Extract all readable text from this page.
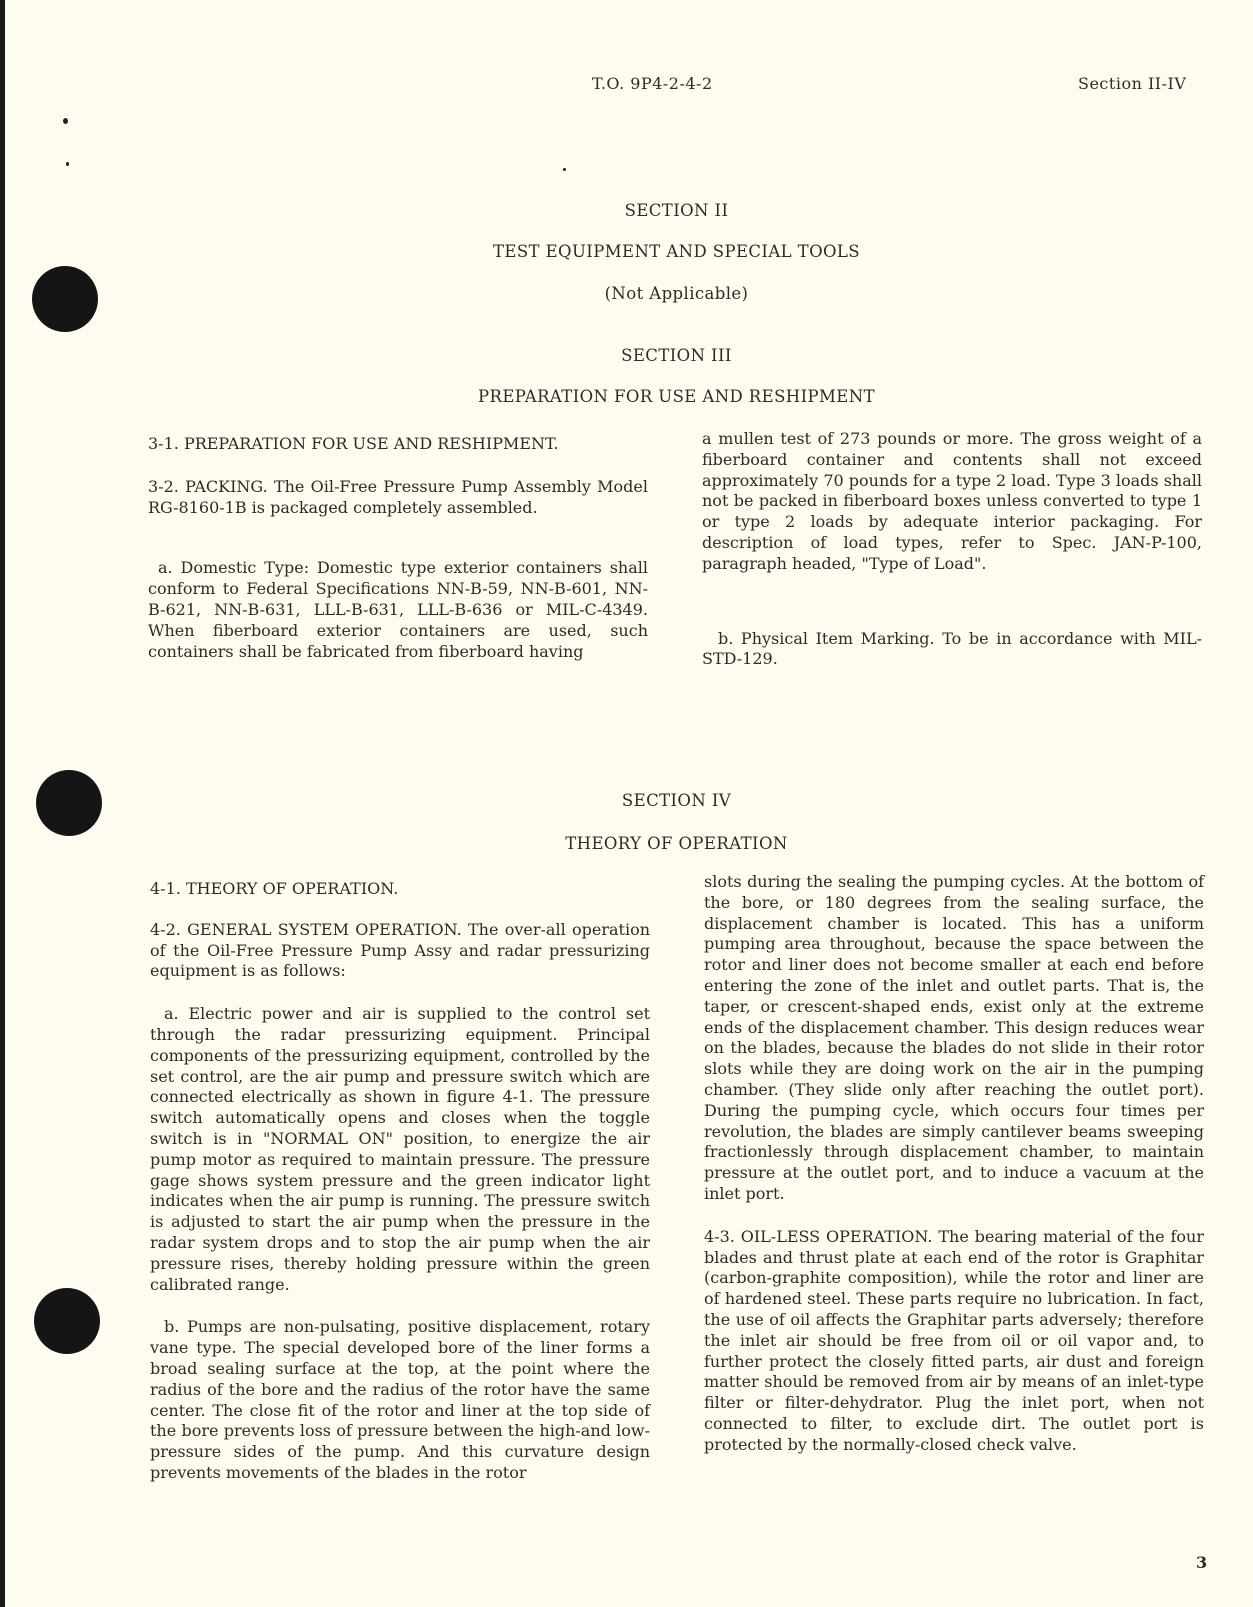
T.O. 9P4-2-4-2	Section II-IV
SECTION II
TEST EQUIPMENT AND SPECIAL TOOLS
(Not Applicable)
SECTION III
PREPARATION FOR USE AND RESHIPMENT

3-1. PREPARATION FOR USE AND RESHIPMENT.

3-2. PACKING. The Oil-Free Pressure Pump Assembly Model RG-8160-1B is packaged completely assembled.

a. Domestic Type: Domestic type exterior containers shall conform to Federal Specifications NN-B-59, NN-B-601, NN-B-621, NN-B-631, LLL-B-631, LLL-B-636 or MIL-C-4349. When fiberboard exterior containers are used, such containers shall be fabricated from fiberboard having

a mullen test of 273 pounds or more. The gross weight of a fiberboard container and contents shall not exceed approximately 70 pounds for a type 2 load. Type 3 loads shall not be packed in fiberboard boxes unless converted to type 1 or type 2 loads by adequate interior packaging. For description of load types, refer to Spec. JAN-P-100, paragraph headed, "Type of Load".

b. Physical Item Marking. To be in accordance with MIL-STD-129.

SECTION IV
THEORY OF OPERATION

4-1. THEORY OF OPERATION.

4-2. GENERAL SYSTEM OPERATION. The over-all operation of the Oil-Free Pressure Pump Assy and radar pressurizing equipment is as follows:

a. Electric power and air is supplied to the control set through the radar pressurizing equipment. Principal components of the pressurizing equipment, controlled by the set control, are the air pump and pressure switch which are connected electrically as shown in figure 4-1. The pressure switch automatically opens and closes when the toggle switch is in "NORMAL ON" position, to energize the air pump motor as required to maintain pressure. The pressure gage shows system pressure and the green indicator light indicates when the air pump is running. The pressure switch is adjusted to start the air pump when the pressure in the radar system drops and to stop the air pump when the air pressure rises, thereby holding pressure within the green calibrated range.

b. Pumps are non-pulsating, positive displacement, rotary vane type. The special developed bore of the liner forms a broad sealing surface at the top, at the point where the radius of the bore and the radius of the rotor have the same center. The close fit of the rotor and liner at the top side of the bore prevents loss of pressure between the high-and low-pressure sides of the pump. And this curvature design prevents movements of the blades in the rotor

slots during the sealing the pumping cycles. At the bottom of the bore, or 180 degrees from the sealing surface, the displacement chamber is located. This has a uniform pumping area throughout, because the space between the rotor and liner does not become smaller at each end before entering the zone of the inlet and outlet parts. That is, the taper, or crescent-shaped ends, exist only at the extreme ends of the displacement chamber. This design reduces wear on the blades, because the blades do not slide in their rotor slots while they are doing work on the air in the pumping chamber. (They slide only after reaching the outlet port). During the pumping cycle, which occurs four times per revolution, the blades are simply cantilever beams sweeping fractionlessly through displacement chamber, to maintain pressure at the outlet port, and to induce a vacuum at the inlet port.

4-3. OIL-LESS OPERATION. The bearing material of the four blades and thrust plate at each end of the rotor is Graphitar (carbon-graphite composition), while the rotor and liner are of hardened steel. These parts require no lubrication. In fact, the use of oil affects the Graphitar parts adversely; therefore the inlet air should be free from oil or oil vapor and, to further protect the closely fitted parts, air dust and foreign matter should be removed from air by means of an inlet-type filter or filter-dehydrator. Plug the inlet port, when not connected to filter, to exclude dirt. The outlet port is protected by the normally-closed check valve.

3
